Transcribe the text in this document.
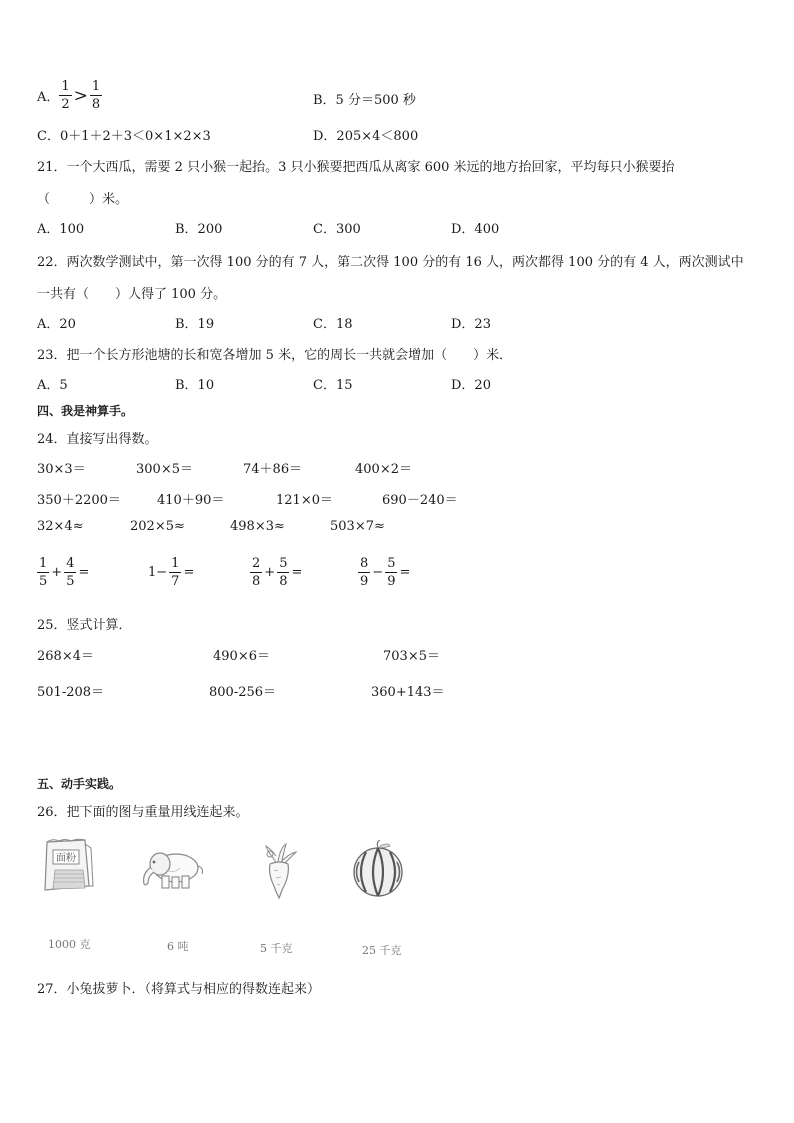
A． $\frac{1}{2} > \frac{1}{8}$	B．5 分＝500 秒
C．0＋1＋2＋3＜0×1×2×3	D．205×4＜800
21．一个大西瓜，需要 2 只小猴一起抬。3 只小猴要把西瓜从离家 600 米远的地方抬回家，平均每只小猴要抬
（　　　）米。
A．100	B．200	C．300	D．400
22．两次数学测试中，第一次得 100 分的有 7 人，第二次得 100 分的有 16 人，两次都得 100 分的有 4 人，两次测试中
一共有（　　）人得了 100 分。
A．20	B．19	C．18	D．23
23．把一个长方形池塘的长和宽各增加 5 米，它的周长一共就会增加（　　）米．
A．5	B．10	C．15	D．20
四、我是神算手。
24．直接写出得数。
30×3＝	300×5＝	74＋86＝	400×2＝
350＋2200＝	410＋90＝	121×0＝	690－240＝
32×4≈	202×5≈	498×3≈	503×7≈
$\frac{1}{5} + \frac{4}{5}$ =	$1- \frac{1}{7}$ =	$\frac{2}{8} + \frac{5}{8}$ =	$\frac{8}{9} - \frac{5}{9}$ =
25．竖式计算．
268×4＝	490×6＝	703×5＝
501-208＝	800-256＝	360+143＝
五、动手实践。
26．把下面的图与重量用线连起来。
面粉
1000 克	6 吨	5 千克	25 千克
27．小兔拔萝卜．（将算式与相应的得数连起来）
